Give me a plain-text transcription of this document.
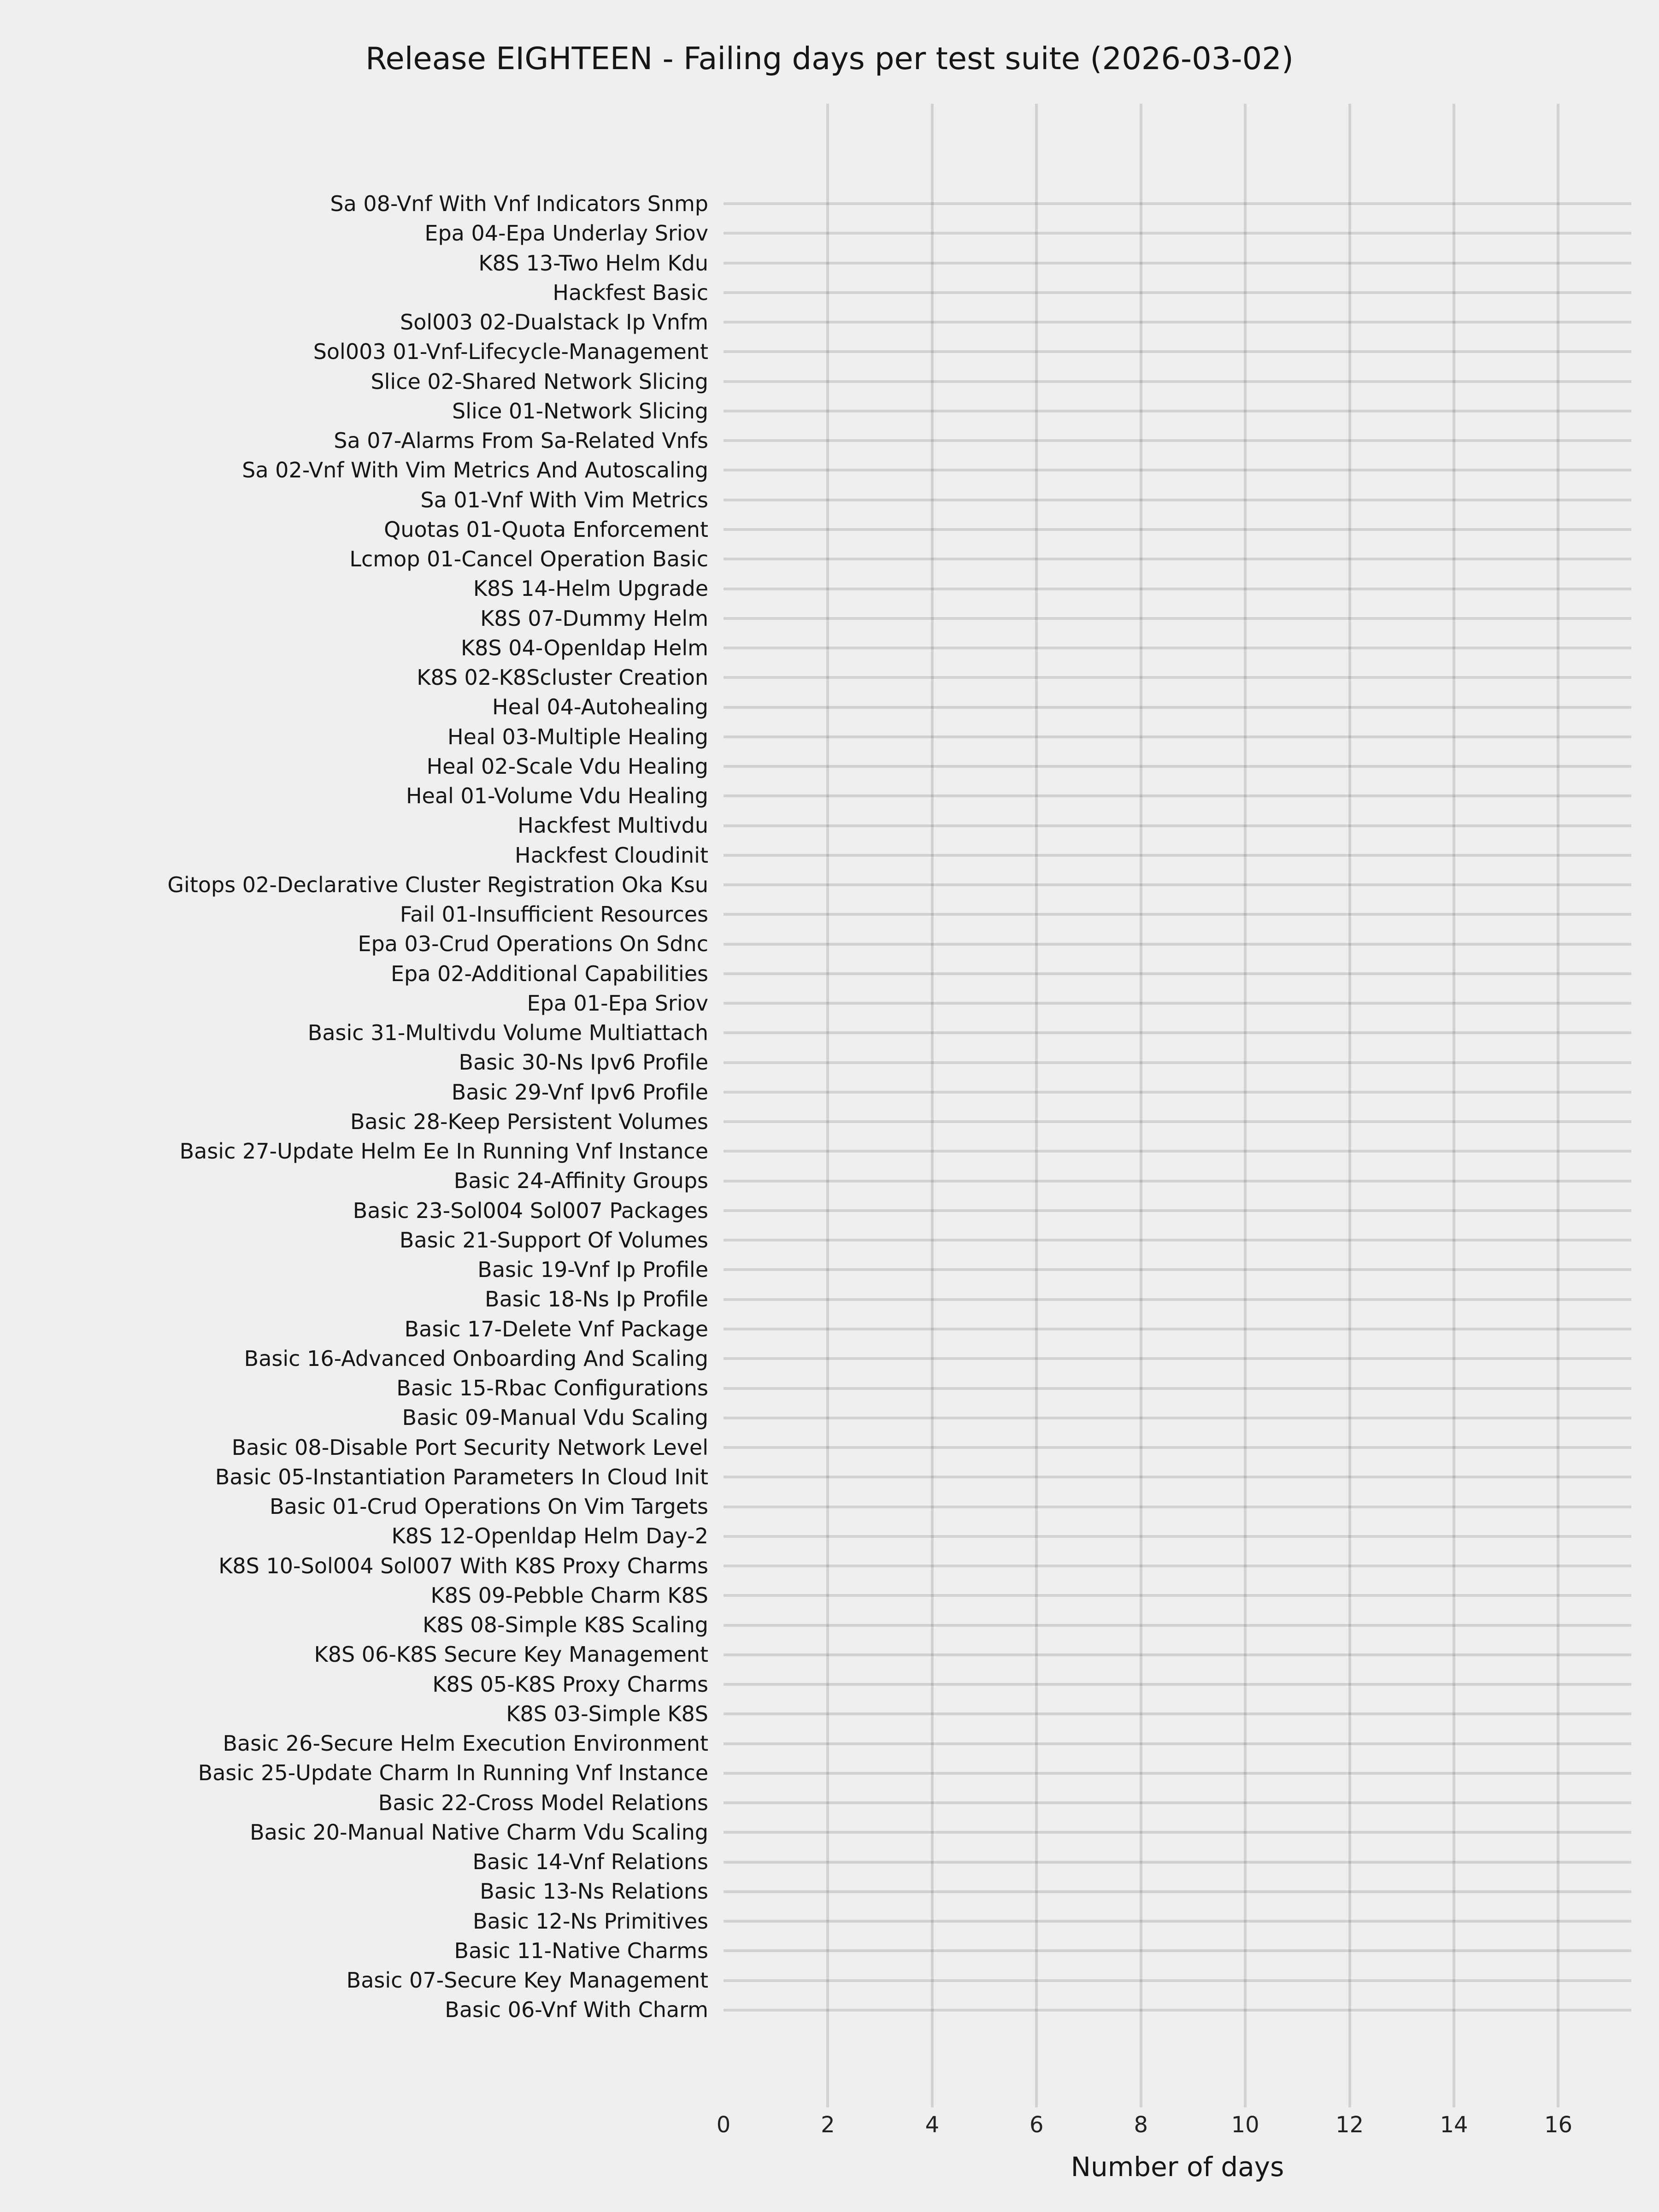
Release EIGHTEEN - Failing days per test suite (2026-03-02)
Sa 08-Vnf With Vnf Indicators Snmp
Epa 04-Epa Underlay Sriov
K8S 13-Two Helm Kdu
Hackfest Basic
Sol003 02-Dualstack Ip Vnfm
Sol003 01-Vnf-Lifecycle-Management
Slice 02-Shared Network Slicing
Slice 01-Network Slicing
Sa 07-Alarms From Sa-Related Vnfs
Sa 02-Vnf With Vim Metrics And Autoscaling
Sa 01-Vnf With Vim Metrics
Quotas 01-Quota Enforcement
Lcmop 01-Cancel Operation Basic
K8S 14-Helm Upgrade
K8S 07-Dummy Helm
K8S 04-Openldap Helm
K8S 02-K8Scluster Creation
Heal 04-Autohealing
Heal 03-Multiple Healing
Heal 02-Scale Vdu Healing
Heal 01-Volume Vdu Healing
Hackfest Multivdu
Hackfest Cloudinit
Gitops 02-Declarative Cluster Registration Oka Ksu
Fail 01-Insufficient Resources
Epa 03-Crud Operations On Sdnc
Epa 02-Additional Capabilities
Epa 01-Epa Sriov
Basic 31-Multivdu Volume Multiattach
Basic 30-Ns Ipv6 Profile
Basic 29-Vnf Ipv6 Profile
Basic 28-Keep Persistent Volumes
Basic 27-Update Helm Ee In Running Vnf Instance
Basic 24-Affinity Groups
Basic 23-Sol004 Sol007 Packages
Basic 21-Support Of Volumes
Basic 19-Vnf Ip Profile
Basic 18-Ns Ip Profile
Basic 17-Delete Vnf Package
Basic 16-Advanced Onboarding And Scaling
Basic 15-Rbac Configurations
Basic 09-Manual Vdu Scaling
Basic 08-Disable Port Security Network Level
Basic 05-Instantiation Parameters In Cloud Init
Basic 01-Crud Operations On Vim Targets
K8S 12-Openldap Helm Day-2
K8S 10-Sol004 Sol007 With K8S Proxy Charms
K8S 09-Pebble Charm K8S
K8S 08-Simple K8S Scaling
K8S 06-K8S Secure Key Management
K8S 05-K8S Proxy Charms
K8S 03-Simple K8S
Basic 26-Secure Helm Execution Environment
Basic 25-Update Charm In Running Vnf Instance
Basic 22-Cross Model Relations
Basic 20-Manual Native Charm Vdu Scaling
Basic 14-Vnf Relations
Basic 13-Ns Relations
Basic 12-Ns Primitives
Basic 11-Native Charms
Basic 07-Secure Key Management
Basic 06-Vnf With Charm
0	2	4	6	8	10	12	14	16
Number of days
